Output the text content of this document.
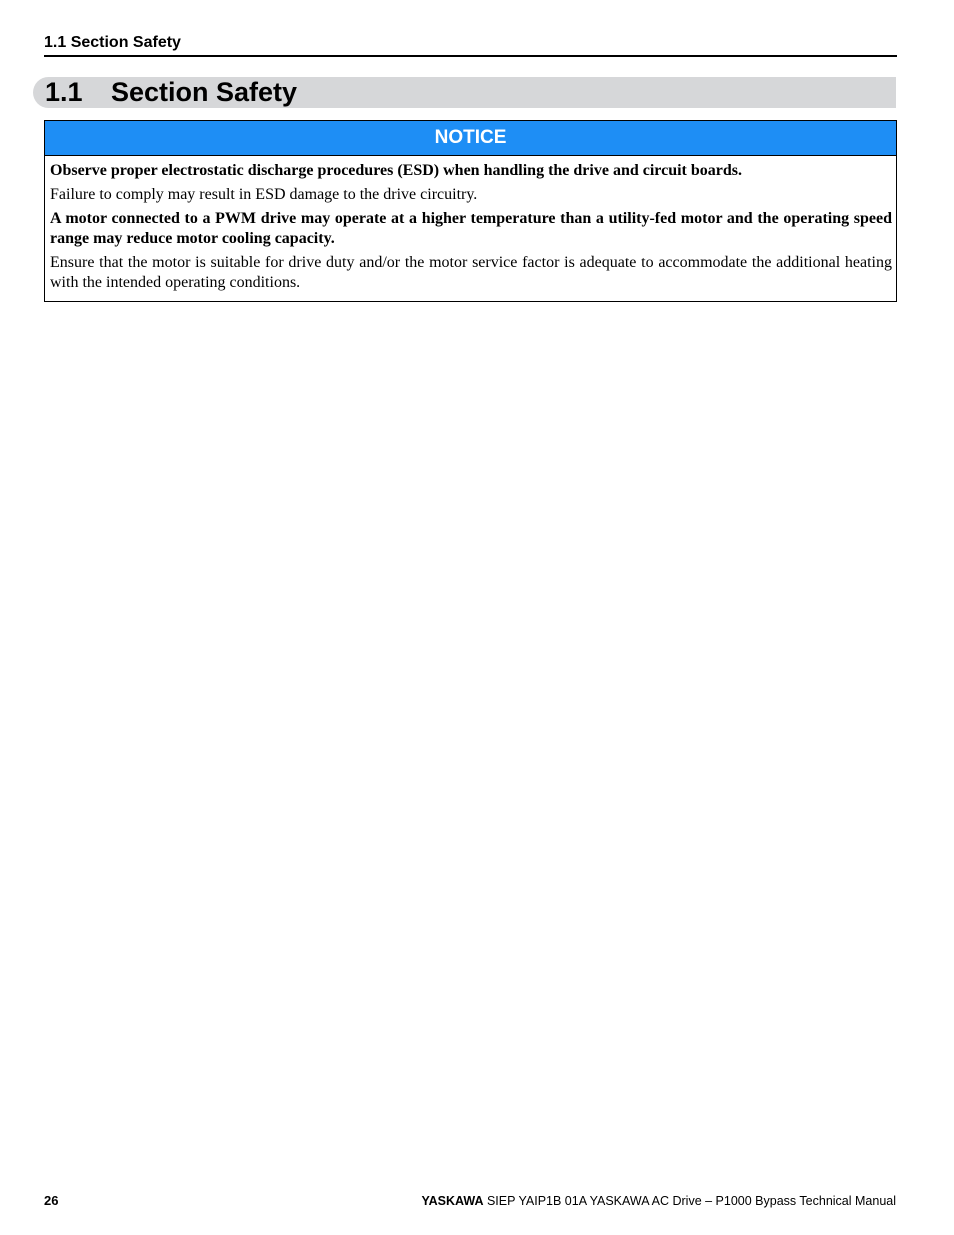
1.1 Section Safety
1.1 Section Safety
NOTICE

Observe proper electrostatic discharge procedures (ESD) when handling the drive and circuit boards.

Failure to comply may result in ESD damage to the drive circuitry.

A motor connected to a PWM drive may operate at a higher temperature than a utility-fed motor and the operating speed range may reduce motor cooling capacity.

Ensure that the motor is suitable for drive duty and/or the motor service factor is adequate to accommodate the additional heating with the intended operating conditions.

26	YASKAWA SIEP YAIP1B 01A YASKAWA AC Drive – P1000 Bypass Technical Manual
